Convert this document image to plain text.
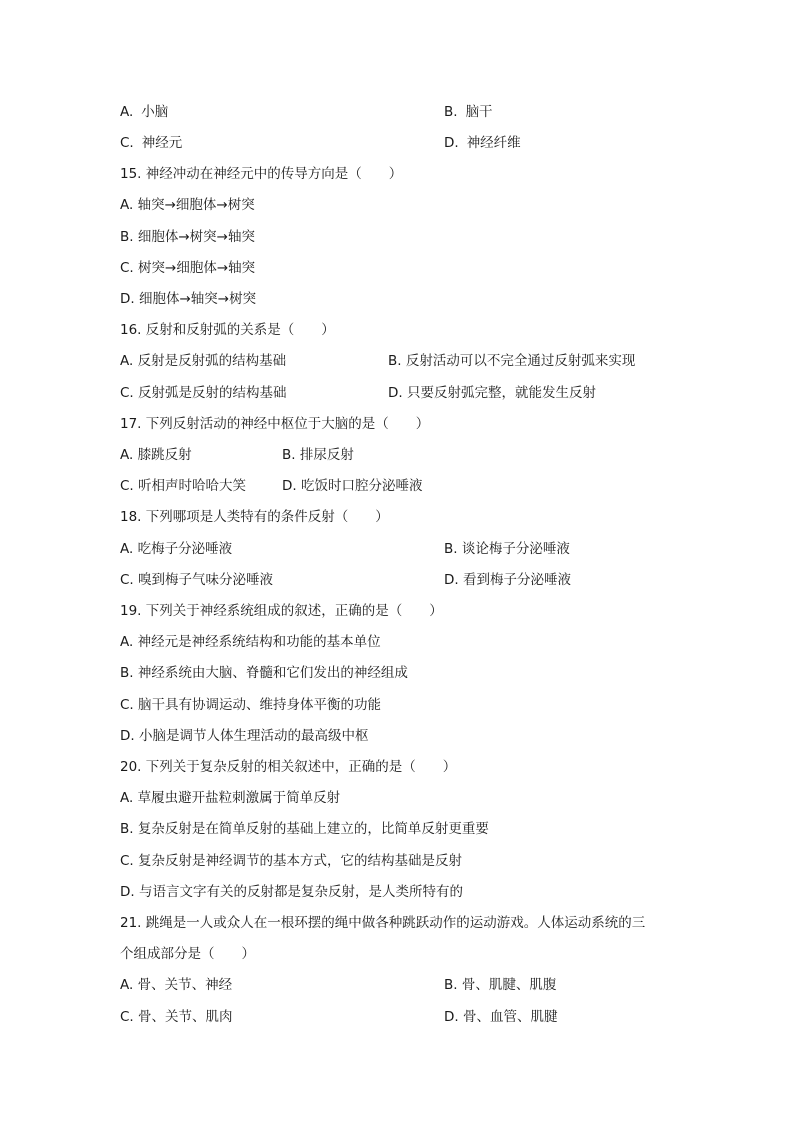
A. 小脑	B. 脑干
C. 神经元	D. 神经纤维
15. 神经冲动在神经元中的传导方向是（　　）
A. 轴突→细胞体→树突
B. 细胞体→树突→轴突
C. 树突→细胞体→轴突
D. 细胞体→轴突→树突
16. 反射和反射弧的关系是（　　）
A. 反射是反射弧的结构基础	B. 反射活动可以不完全通过反射弧来实现
C. 反射弧是反射的结构基础	D. 只要反射弧完整，就能发生反射
17. 下列反射活动的神经中枢位于大脑的是（　　）
A. 膝跳反射	B. 排尿反射
C. 听相声时哈哈大笑	D. 吃饭时口腔分泌唾液
18. 下列哪项是人类特有的条件反射（　　）
A. 吃梅子分泌唾液	B. 谈论梅子分泌唾液
C. 嗅到梅子气味分泌唾液	D. 看到梅子分泌唾液
19. 下列关于神经系统组成的叙述，正确的是（　　）
A. 神经元是神经系统结构和功能的基本单位
B. 神经系统由大脑、脊髓和它们发出的神经组成
C. 脑干具有协调运动、维持身体平衡的功能
D. 小脑是调节人体生理活动的最高级中枢
20. 下列关于复杂反射的相关叙述中，正确的是（　　）
A. 草履虫避开盐粒刺激属于简单反射
B. 复杂反射是在简单反射的基础上建立的，比简单反射更重要
C. 复杂反射是神经调节的基本方式，它的结构基础是反射
D. 与语言文字有关的反射都是复杂反射，是人类所特有的
21. 跳绳是一人或众人在一根环摆的绳中做各种跳跃动作的运动游戏。人体运动系统的三
个组成部分是（　　）
A. 骨、关节、神经	B. 骨、肌腱、肌腹
C. 骨、关节、肌肉	D. 骨、血管、肌腱
